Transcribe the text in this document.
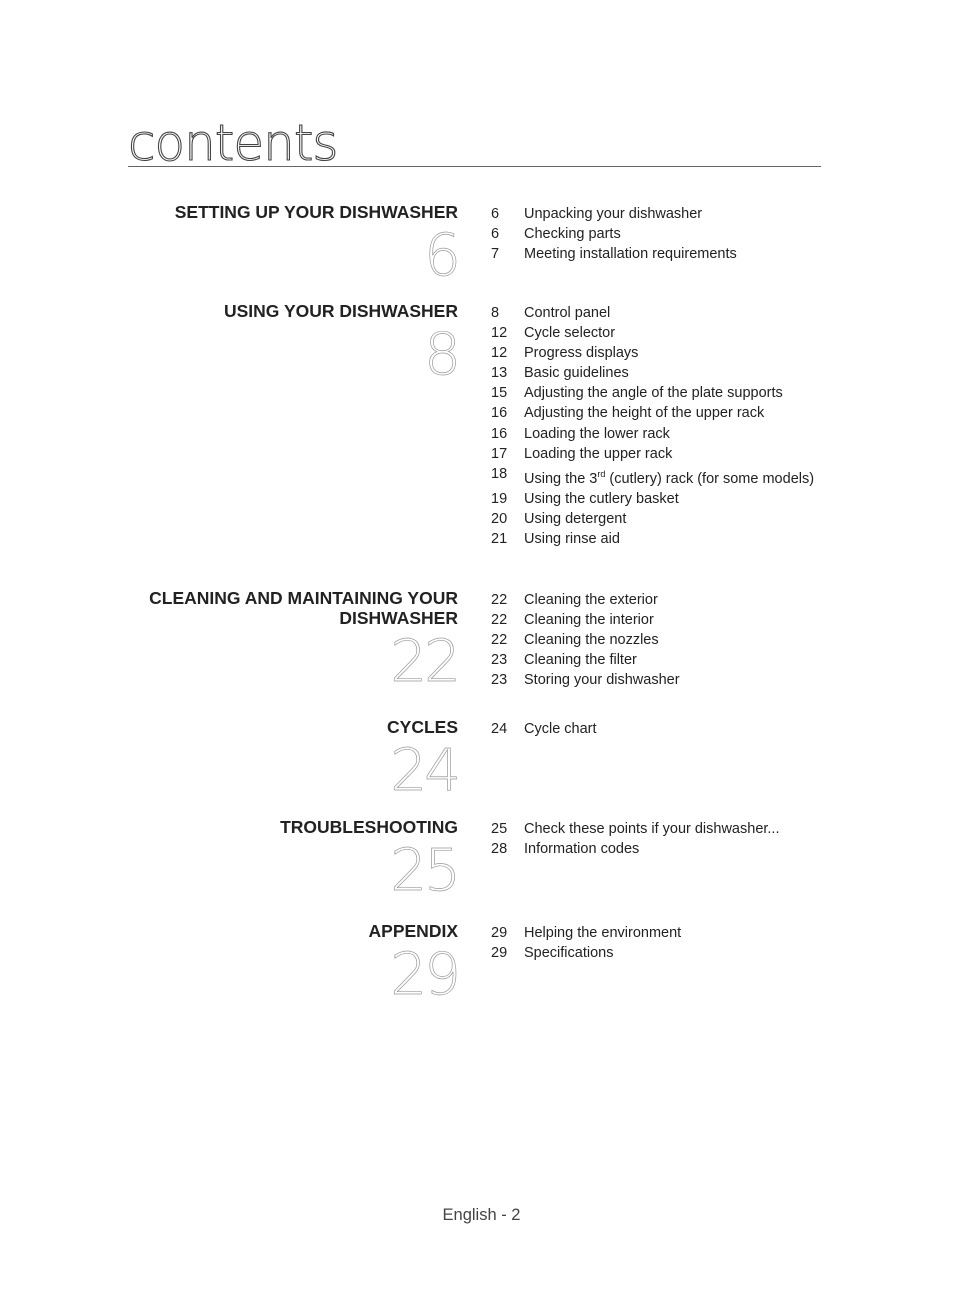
contents
SETTING UP YOUR DISHWASHER
6
6	Unpacking your dishwasher
6	Checking parts
7	Meeting installation requirements
USING YOUR DISHWASHER
8
8	Control panel
12	Cycle selector
12	Progress displays
13	Basic guidelines
15	Adjusting the angle of the plate supports
16	Adjusting the height of the upper rack
16	Loading the lower rack
17	Loading the upper rack
18	Using the 3rd (cutlery) rack (for some models)
19	Using the cutlery basket
20	Using detergent
21	Using rinse aid
CLEANING AND MAINTAINING YOUR
DISHWASHER
22
22	Cleaning the exterior
22	Cleaning the interior
22	Cleaning the nozzles
23	Cleaning the filter
23	Storing your dishwasher
CYCLES
24
24	Cycle chart
TROUBLESHOOTING
25
25	Check these points if your dishwasher...
28	Information codes
APPENDIX
29
29	Helping the environment
29	Specifications
English - 2
